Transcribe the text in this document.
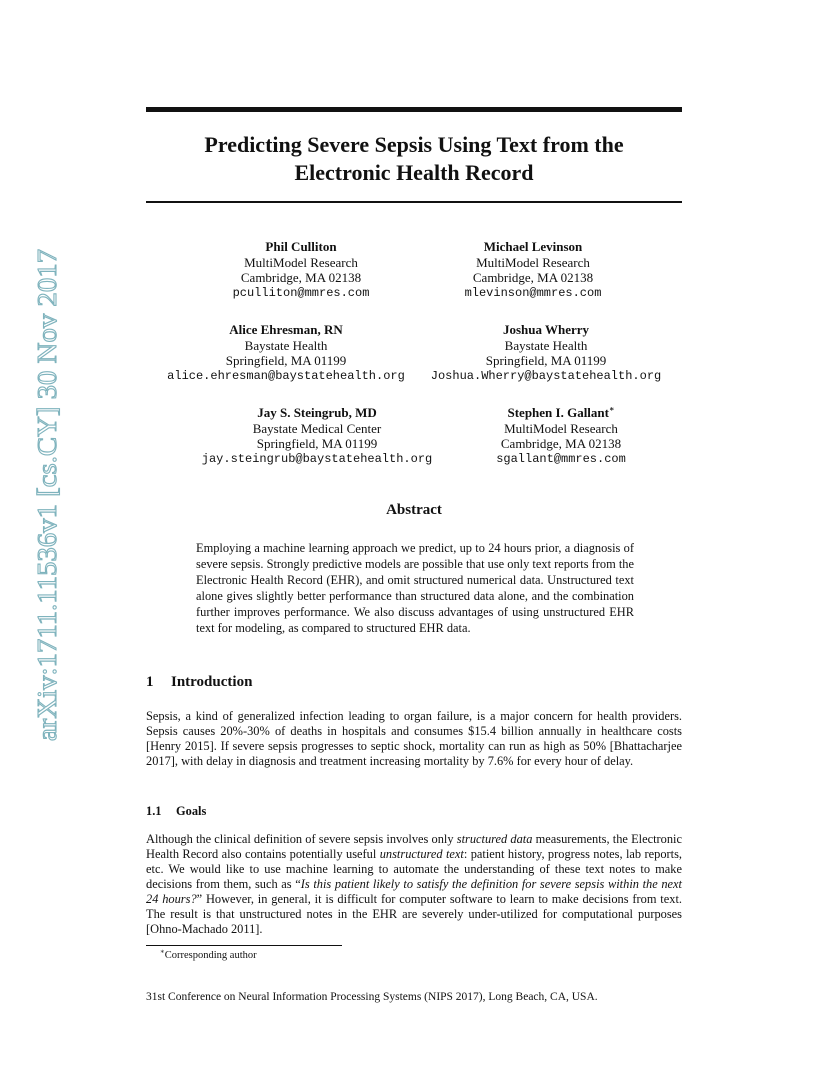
arXiv:1711.11536v1 [cs.CY] 30 Nov 2017
Predicting Severe Sepsis Using Text from the
Electronic Health Record
Phil Culliton
MultiModel Research
Cambridge, MA 02138
pculliton@mmres.com
Michael Levinson
MultiModel Research
Cambridge, MA 02138
mlevinson@mmres.com
Alice Ehresman, RN
Baystate Health
Springfield, MA 01199
alice.ehresman@baystatehealth.org
Joshua Wherry
Baystate Health
Springfield, MA 01199
Joshua.Wherry@baystatehealth.org
Jay S. Steingrub, MD
Baystate Medical Center
Springfield, MA 01199
jay.steingrub@baystatehealth.org
Stephen I. Gallant∗
MultiModel Research
Cambridge, MA 02138
sgallant@mmres.com
Abstract
Employing a machine learning approach we predict, up to 24 hours prior, a diagnosis of severe sepsis. Strongly predictive models are possible that use only text reports from the Electronic Health Record (EHR), and omit structured numerical data. Unstructured text alone gives slightly better performance than structured data alone, and the combination further improves performance. We also discuss advantages of using unstructured EHR text for modeling, as compared to structured EHR data.
1 Introduction
Sepsis, a kind of generalized infection leading to organ failure, is a major concern for health providers. Sepsis causes 20%-30% of deaths in hospitals and consumes $15.4 billion annually in healthcare costs [Henry 2015]. If severe sepsis progresses to septic shock, mortality can run as high as 50% [Bhattacharjee 2017], with delay in diagnosis and treatment increasing mortality by 7.6% for every hour of delay.
1.1 Goals
Although the clinical definition of severe sepsis involves only structured data measurements, the Electronic Health Record also contains potentially useful unstructured text: patient history, progress notes, lab reports, etc. We would like to use machine learning to automate the understanding of these text notes to make decisions from them, such as “Is this patient likely to satisfy the definition for severe sepsis within the next 24 hours?” However, in general, it is difficult for computer software to learn to make decisions from text. The result is that unstructured notes in the EHR are severely under-utilized for computational purposes [Ohno-Machado 2011].
∗Corresponding author
31st Conference on Neural Information Processing Systems (NIPS 2017), Long Beach, CA, USA.
